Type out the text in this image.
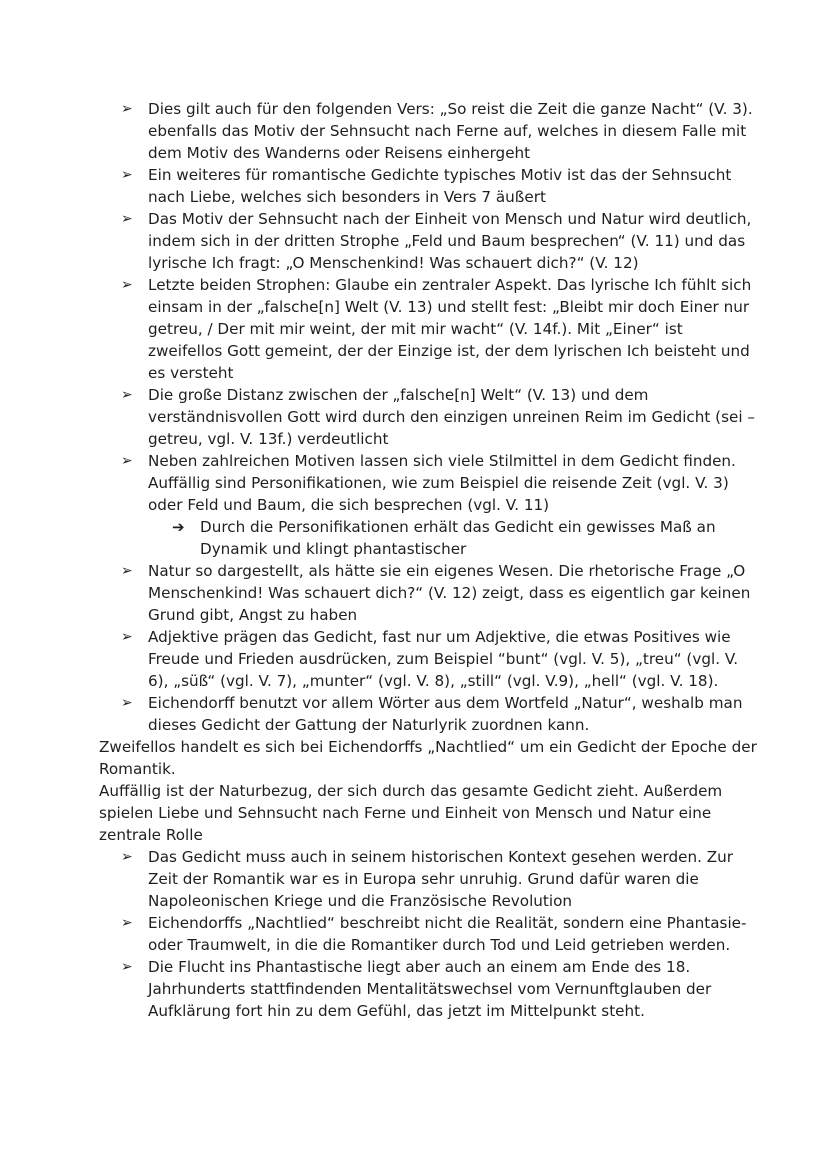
➢	Dies gilt auch für den folgenden Vers: „So reist die Zeit die ganze Nacht“ (V. 3).
ebenfalls das Motiv der Sehnsucht nach Ferne auf, welches in diesem Falle mit
dem Motiv des Wanderns oder Reisens einhergeht
➢	Ein weiteres für romantische Gedichte typisches Motiv ist das der Sehnsucht
nach Liebe, welches sich besonders in Vers 7 äußert
➢	Das Motiv der Sehnsucht nach der Einheit von Mensch und Natur wird deutlich,
indem sich in der dritten Strophe „Feld und Baum besprechen“ (V. 11) und das
lyrische Ich fragt: „O Menschenkind! Was schauert dich?“ (V. 12)
➢	Letzte beiden Strophen: Glaube ein zentraler Aspekt. Das lyrische Ich fühlt sich
einsam in der „falsche[n] Welt (V. 13) und stellt fest: „Bleibt mir doch Einer nur
getreu, / Der mit mir weint, der mit mir wacht“ (V. 14f.). Mit „Einer“ ist
zweifellos Gott gemeint, der der Einzige ist, der dem lyrischen Ich beisteht und
es versteht
➢	Die große Distanz zwischen der „falsche[n] Welt“ (V. 13) und dem
verständnisvollen Gott wird durch den einzigen unreinen Reim im Gedicht (sei –
getreu, vgl. V. 13f.) verdeutlicht
➢	Neben zahlreichen Motiven lassen sich viele Stilmittel in dem Gedicht finden.
Auffällig sind Personifikationen, wie zum Beispiel die reisende Zeit (vgl. V. 3)
oder Feld und Baum, die sich besprechen (vgl. V. 11)
➔ Durch die Personifikationen erhält das Gedicht ein gewisses Maß an
Dynamik und klingt phantastischer
➢	Natur so dargestellt, als hätte sie ein eigenes Wesen. Die rhetorische Frage „O
Menschenkind! Was schauert dich?“ (V. 12) zeigt, dass es eigentlich gar keinen
Grund gibt, Angst zu haben
➢	Adjektive prägen das Gedicht, fast nur um Adjektive, die etwas Positives wie
Freude und Frieden ausdrücken, zum Beispiel “bunt“ (vgl. V. 5), „treu“ (vgl. V.
6), „süß“ (vgl. V. 7), „munter“ (vgl. V. 8), „still“ (vgl. V.9), „hell“ (vgl. V. 18).
➢	Eichendorff benutzt vor allem Wörter aus dem Wortfeld „Natur“, weshalb man
dieses Gedicht der Gattung der Naturlyrik zuordnen kann.
Zweifellos handelt es sich bei Eichendorffs „Nachtlied“ um ein Gedicht der Epoche der
Romantik.
Auffällig ist der Naturbezug, der sich durch das gesamte Gedicht zieht. Außerdem
spielen Liebe und Sehnsucht nach Ferne und Einheit von Mensch und Natur eine
zentrale Rolle
➢	Das Gedicht muss auch in seinem historischen Kontext gesehen werden. Zur
Zeit der Romantik war es in Europa sehr unruhig. Grund dafür waren die
Napoleonischen Kriege und die Französische Revolution
➢	Eichendorffs „Nachtlied“ beschreibt nicht die Realität, sondern eine Phantasie-
oder Traumwelt, in die die Romantiker durch Tod und Leid getrieben werden.
➢	Die Flucht ins Phantastische liegt aber auch an einem am Ende des 18.
Jahrhunderts stattfindenden Mentalitätswechsel vom Vernunftglauben der
Aufklärung fort hin zu dem Gefühl, das jetzt im Mittelpunkt steht.
